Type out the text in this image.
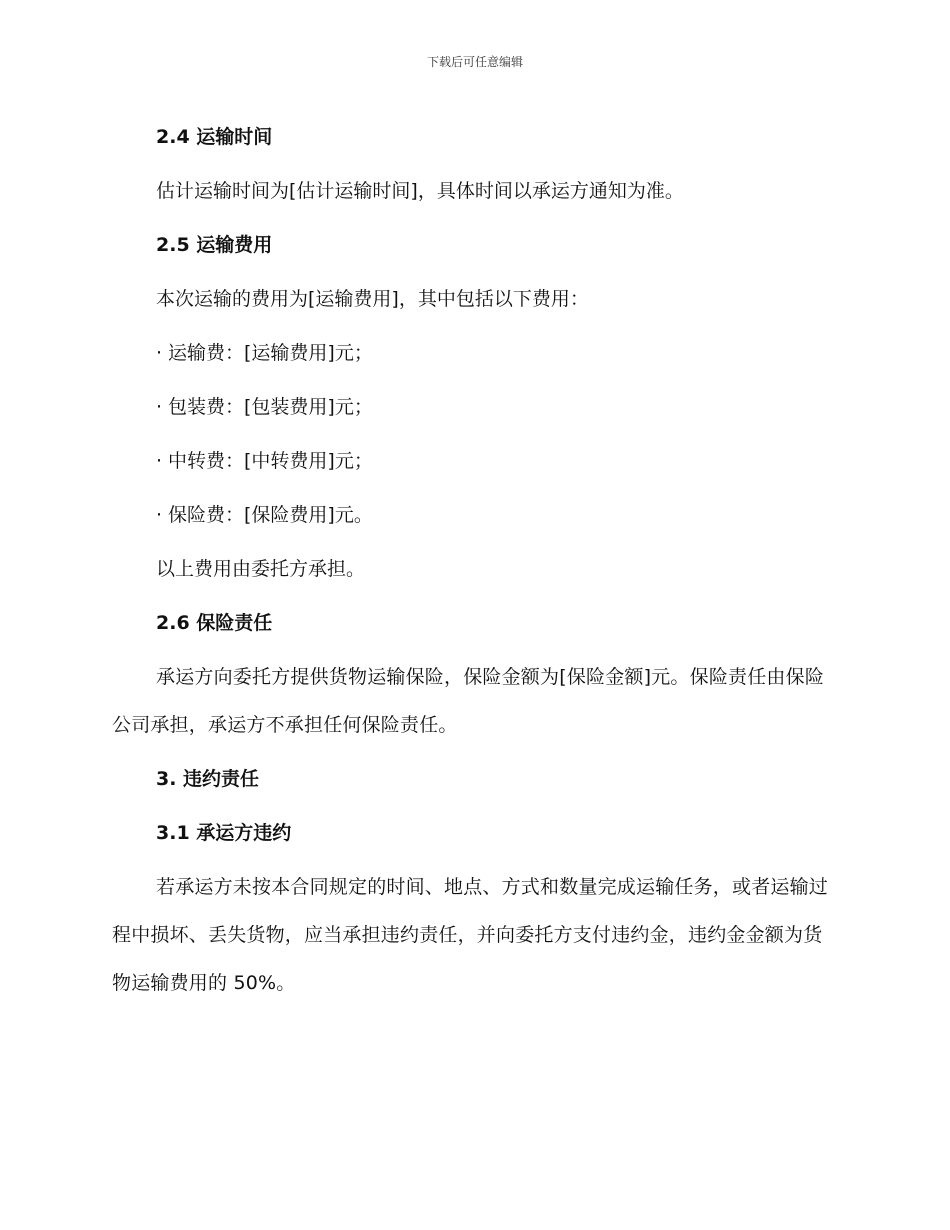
下载后可任意编辑
2.4 运输时间
估计运输时间为[估计运输时间]，具体时间以承运方通知为准。
2.5 运输费用
本次运输的费用为[运输费用]，其中包括以下费用：
· 运输费：[运输费用]元；
· 包装费：[包装费用]元；
· 中转费：[中转费用]元；
· 保险费：[保险费用]元。
以上费用由委托方承担。
2.6 保险责任
承运方向委托方提供货物运输保险，保险金额为[保险金额]元。保险责任由保险公司承担，承运方不承担任何保险责任。
3. 违约责任
3.1 承运方违约
若承运方未按本合同规定的时间、地点、方式和数量完成运输任务，或者运输过程中损坏、丢失货物，应当承担违约责任，并向委托方支付违约金，违约金金额为货物运输费用的 50%。
